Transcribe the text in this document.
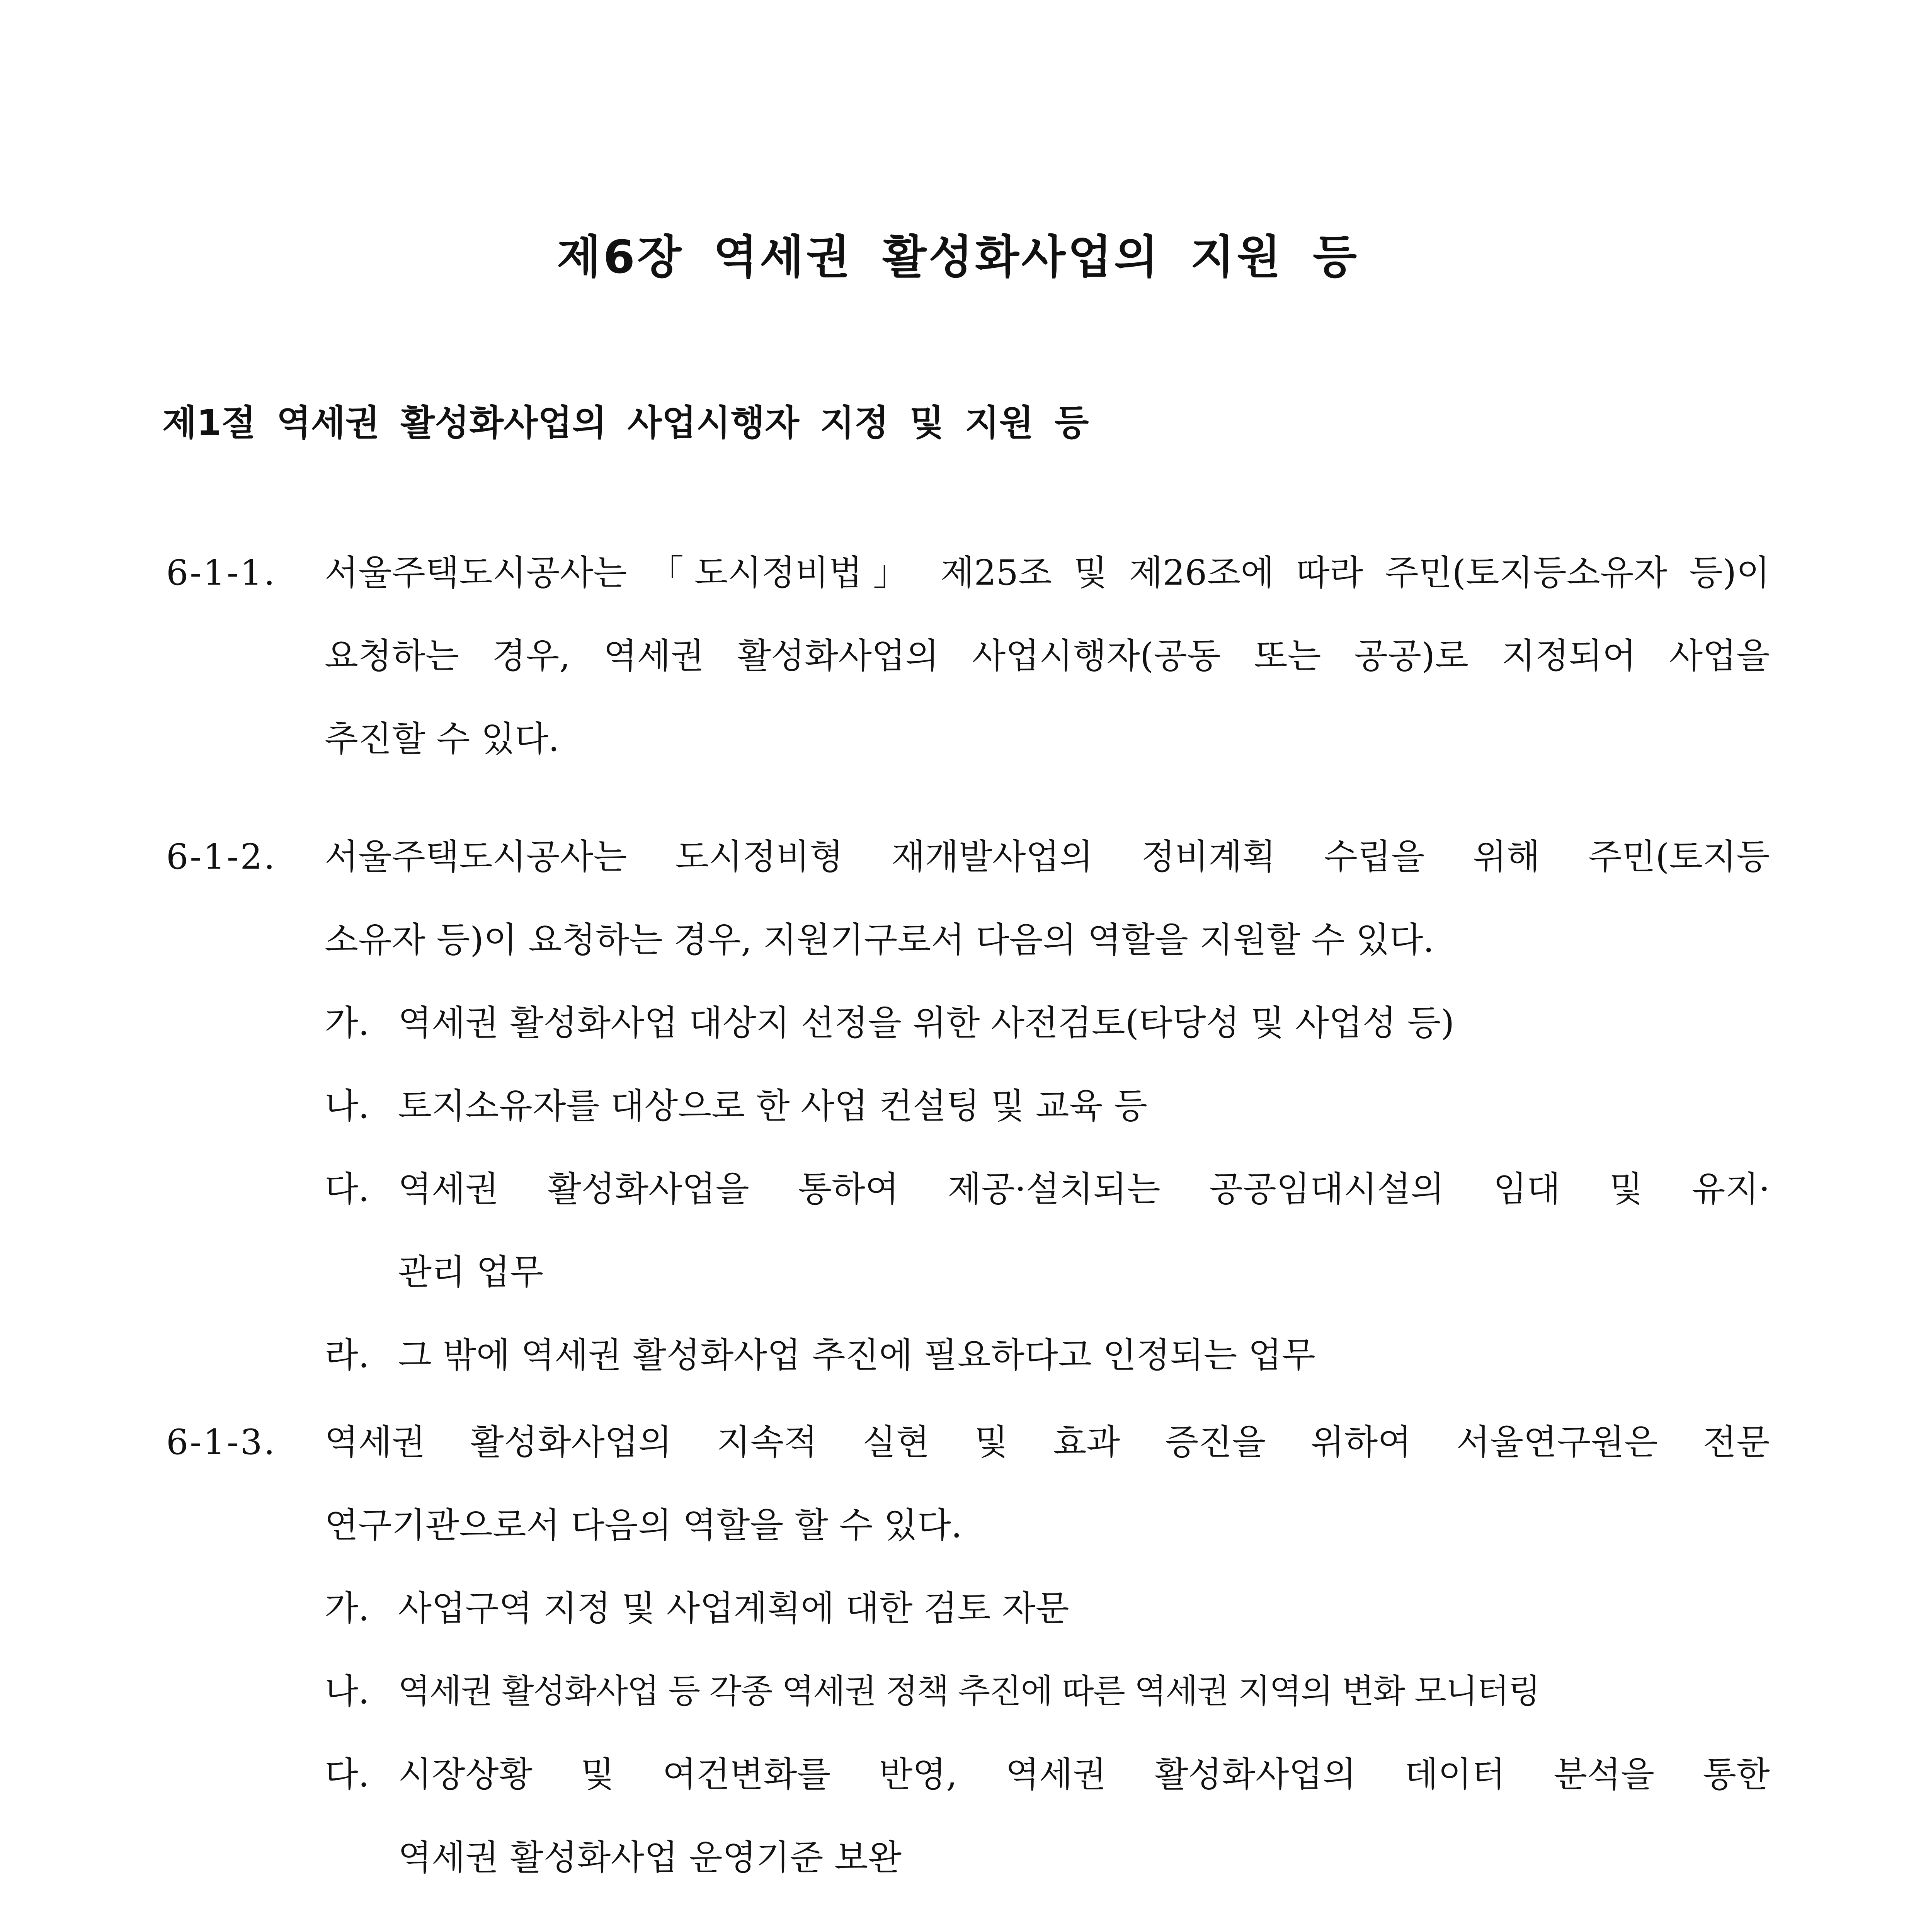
제6장 역세권 활성화사업의 지원 등
제1절 역세권 활성화사업의 사업시행자 지정 및 지원 등
6-1-1. 서울주택도시공사는 「도시정비법」 제25조 및 제26조에 따라 주민(토지등소유자 등)이
요청하는 경우, 역세권 활성화사업의 사업시행자(공동 또는 공공)로 지정되어 사업을
추진할 수 있다.
6-1-2. 서울주택도시공사는 도시정비형 재개발사업의 정비계획 수립을 위해 주민(토지등
소유자 등)이 요청하는 경우, 지원기구로서 다음의 역할을 지원할 수 있다.
가. 역세권 활성화사업 대상지 선정을 위한 사전검토(타당성 및 사업성 등)
나. 토지소유자를 대상으로 한 사업 컨설팅 및 교육 등
다. 역세권 활성화사업을 통하여 제공·설치되는 공공임대시설의 임대 및 유지·
관리 업무
라. 그 밖에 역세권 활성화사업 추진에 필요하다고 인정되는 업무
6-1-3. 역세권 활성화사업의 지속적 실현 및 효과 증진을 위하여 서울연구원은 전문
연구기관으로서 다음의 역할을 할 수 있다.
가. 사업구역 지정 및 사업계획에 대한 검토 자문
나. 역세권 활성화사업 등 각종 역세권 정책 추진에 따른 역세권 지역의 변화 모니터링
다. 시장상황 및 여건변화를 반영, 역세권 활성화사업의 데이터 분석을 통한
역세권 활성화사업 운영기준 보완
